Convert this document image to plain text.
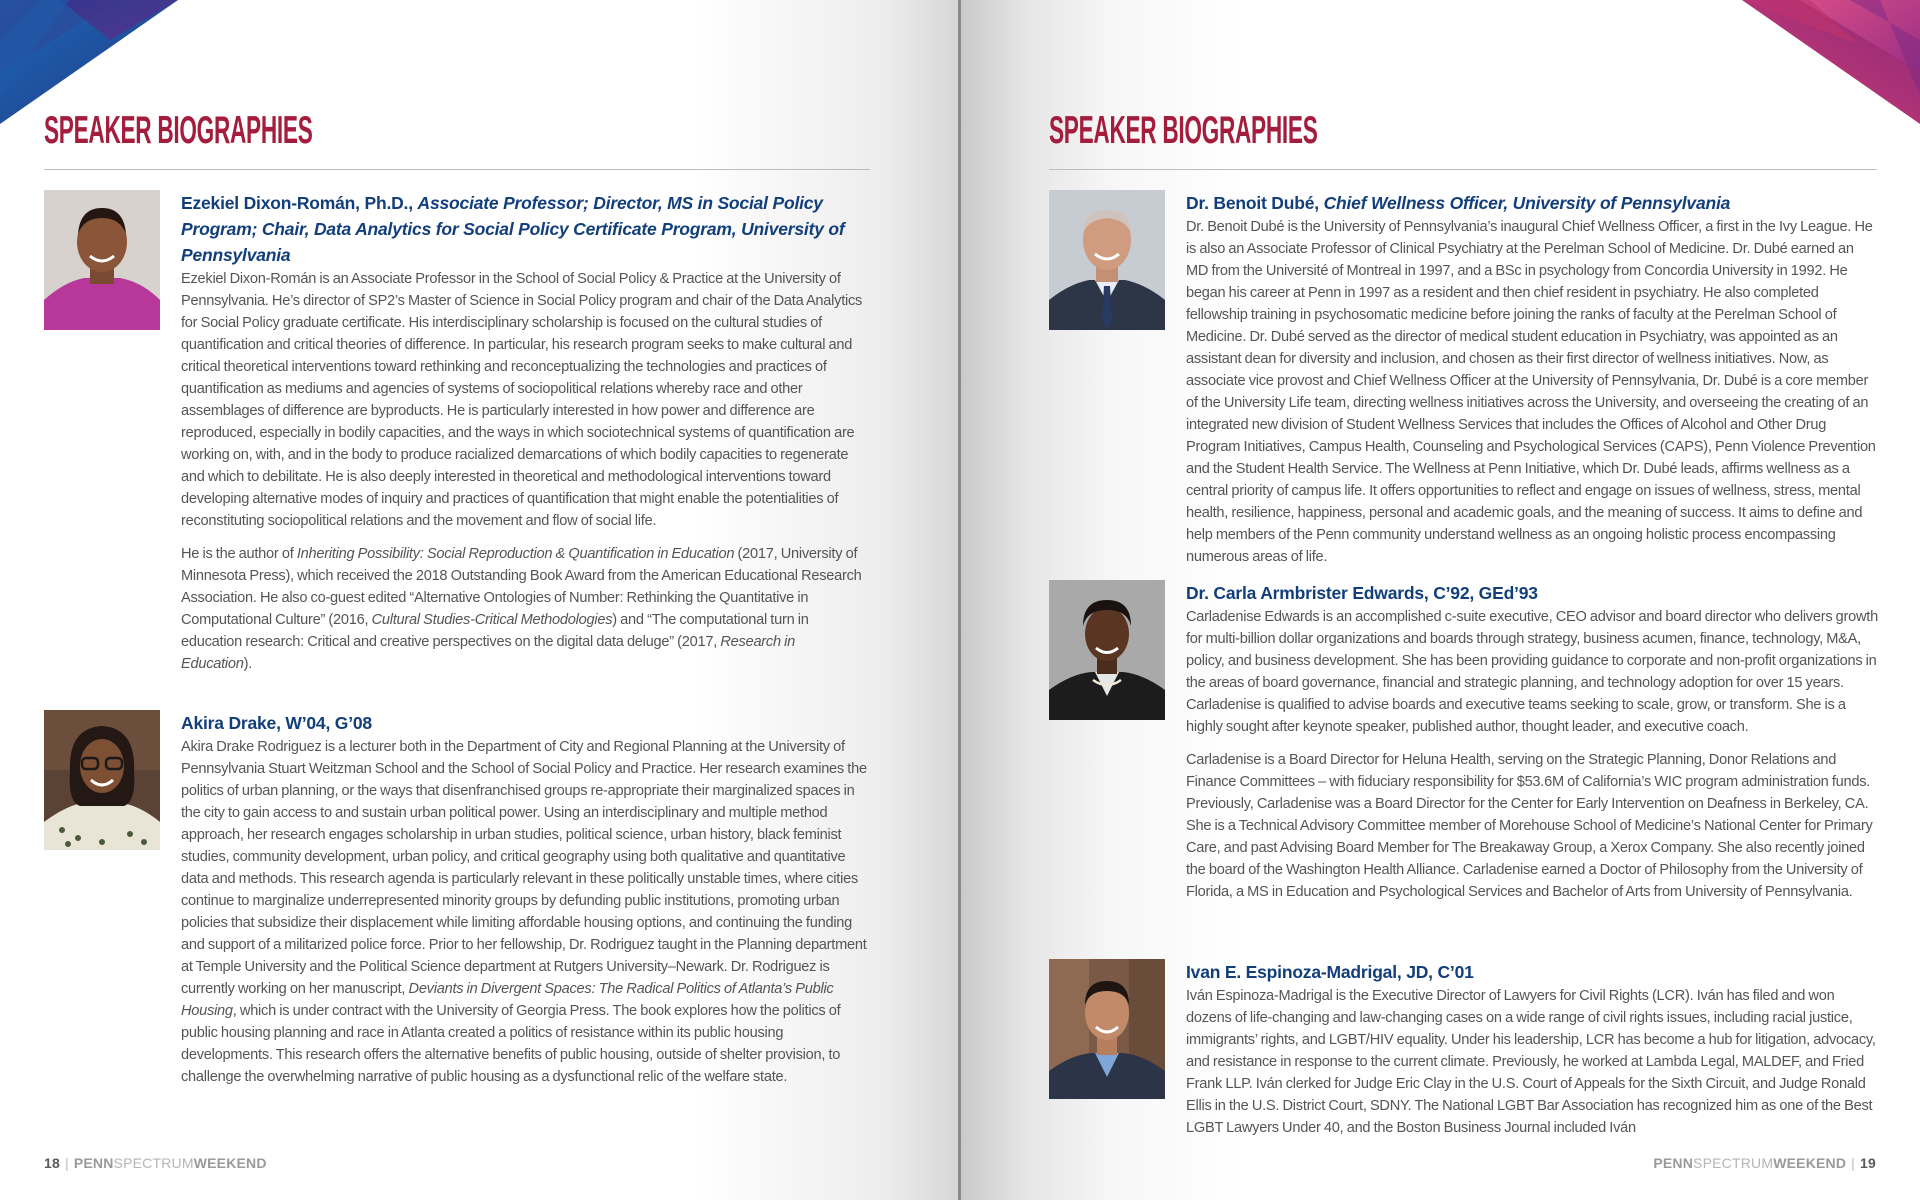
SPEAKER BIOGRAPHIES

Ezekiel Dixon-Román, Ph.D., Associate Professor; Director, MS in Social Policy Program; Chair, Data Analytics for Social Policy Certificate Program, University of Pennsylvania

Ezekiel Dixon-Román is an Associate Professor in the School of Social Policy & Practice at the University of Pennsylvania. He’s director of SP2’s Master of Science in Social Policy program and chair of the Data Analytics for Social Policy graduate certificate. His interdisciplinary scholarship is focused on the cultural studies of quantification and critical theories of difference. In particular, his research program seeks to make cultural and critical theoretical interventions toward rethinking and reconceptualizing the technologies and practices of quantification as mediums and agencies of systems of sociopolitical relations whereby race and other assemblages of difference are byproducts. He is particularly interested in how power and difference are reproduced, especially in bodily capacities, and the ways in which sociotechnical systems of quantification are working on, with, and in the body to produce racialized demarcations of which bodily capacities to regenerate and which to debilitate. He is also deeply interested in theoretical and methodological interventions toward developing alternative modes of inquiry and practices of quantification that might enable the potentialities of reconstituting sociopolitical relations and the movement and flow of social life.

He is the author of Inheriting Possibility: Social Reproduction & Quantification in Education (2017, University of Minnesota Press), which received the 2018 Outstanding Book Award from the American Educational Research Association. He also co-guest edited “Alternative Ontologies of Number: Rethinking the Quantitative in Computational Culture” (2016, Cultural Studies-Critical Methodologies) and “The computational turn in education research: Critical and creative perspectives on the digital data deluge” (2017, Research in Education).

Akira Drake, W’04, G’08

Akira Drake Rodriguez is a lecturer both in the Department of City and Regional Planning at the University of Pennsylvania Stuart Weitzman School and the School of Social Policy and Practice. Her research examines the politics of urban planning, or the ways that disenfranchised groups re-appropriate their marginalized spaces in the city to gain access to and sustain urban political power. Using an interdisciplinary and multiple method approach, her research engages scholarship in urban studies, political science, urban history, black feminist studies, community development, urban policy, and critical geography using both qualitative and quantitative data and methods. This research agenda is particularly relevant in these politically unstable times, where cities continue to marginalize underrepresented minority groups by defunding public institutions, promoting urban policies that subsidize their displacement while limiting affordable housing options, and continuing the funding and support of a militarized police force. Prior to her fellowship, Dr. Rodriguez taught in the Planning department at Temple University and the Political Science department at Rutgers University–Newark. Dr. Rodriguez is currently working on her manuscript, Deviants in Divergent Spaces: The Radical Politics of Atlanta’s Public Housing, which is under contract with the University of Georgia Press. The book explores how the politics of public housing planning and race in Atlanta created a politics of resistance within its public housing developments. This research offers the alternative benefits of public housing, outside of shelter provision, to challenge the overwhelming narrative of public housing as a dysfunctional relic of the welfare state.

18 | PENNSPECTRUMWEEKEND
SPEAKER BIOGRAPHIES

Dr. Benoit Dubé, Chief Wellness Officer, University of Pennsylvania

Dr. Benoit Dubé is the University of Pennsylvania’s inaugural Chief Wellness Officer, a first in the Ivy League. He is also an Associate Professor of Clinical Psychiatry at the Perelman School of Medicine. Dr. Dubé earned an MD from the Université of Montreal in 1997, and a BSc in psychology from Concordia University in 1992. He began his career at Penn in 1997 as a resident and then chief resident in psychiatry. He also completed fellowship training in psychosomatic medicine before joining the ranks of faculty at the Perelman School of Medicine. Dr. Dubé served as the director of medical student education in Psychiatry, was appointed as an assistant dean for diversity and inclusion, and chosen as their first director of wellness initiatives. Now, as associate vice provost and Chief Wellness Officer at the University of Pennsylvania, Dr. Dubé is a core member of the University Life team, directing wellness initiatives across the University, and overseeing the creating of an integrated new division of Student Wellness Services that includes the Offices of Alcohol and Other Drug Program Initiatives, Campus Health, Counseling and Psychological Services (CAPS), Penn Violence Prevention and the Student Health Service. The Wellness at Penn Initiative, which Dr. Dubé leads, affirms wellness as a central priority of campus life. It offers opportunities to reflect and engage on issues of wellness, stress, mental health, resilience, happiness, personal and academic goals, and the meaning of success. It aims to define and help members of the Penn community understand wellness as an ongoing holistic process encompassing numerous areas of life.

Dr. Carla Armbrister Edwards, C’92, GEd’93

Carladenise Edwards is an accomplished c-suite executive, CEO advisor and board director who delivers growth for multi-billion dollar organizations and boards through strategy, business acumen, finance, technology, M&A, policy, and business development. She has been providing guidance to corporate and non-profit organizations in the areas of board governance, financial and strategic planning, and technology adoption for over 15 years. Carladenise is qualified to advise boards and executive teams seeking to scale, grow, or transform. She is a highly sought after keynote speaker, published author, thought leader, and executive coach.

Carladenise is a Board Director for Heluna Health, serving on the Strategic Planning, Donor Relations and Finance Committees – with fiduciary responsibility for $53.6M of California’s WIC program administration funds. Previously, Carladenise was a Board Director for the Center for Early Intervention on Deafness in Berkeley, CA. She is a Technical Advisory Committee member of Morehouse School of Medicine’s National Center for Primary Care, and past Advising Board Member for The Breakaway Group, a Xerox Company. She also recently joined the board of the Washington Health Alliance. Carladenise earned a Doctor of Philosophy from the University of Florida, a MS in Education and Psychological Services and Bachelor of Arts from University of Pennsylvania.

Ivan E. Espinoza-Madrigal, JD, C’01

Iván Espinoza-Madrigal is the Executive Director of Lawyers for Civil Rights (LCR). Iván has filed and won dozens of life-changing and law-changing cases on a wide range of civil rights issues, including racial justice, immigrants’ rights, and LGBT/HIV equality. Under his leadership, LCR has become a hub for litigation, advocacy, and resistance in response to the current climate. Previously, he worked at Lambda Legal, MALDEF, and Fried Frank LLP. Iván clerked for Judge Eric Clay in the U.S. Court of Appeals for the Sixth Circuit, and Judge Ronald Ellis in the U.S. District Court, SDNY. The National LGBT Bar Association has recognized him as one of the Best LGBT Lawyers Under 40, and the Boston Business Journal included Iván

PENNSPECTRUMWEEKEND | 19
